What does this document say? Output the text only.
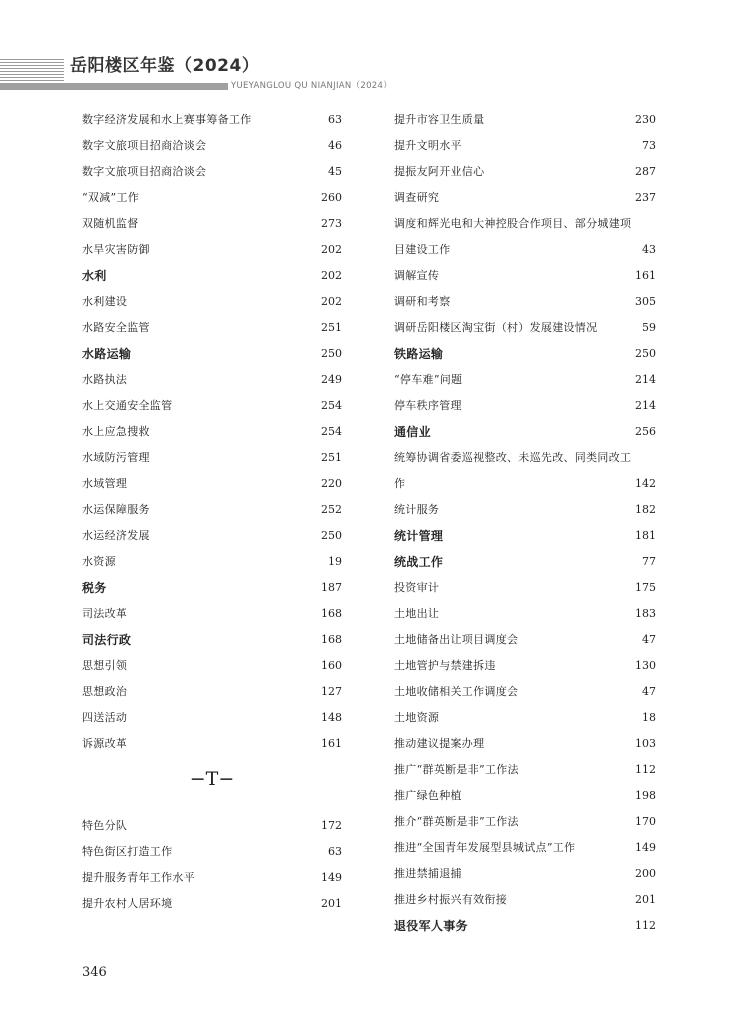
岳阳楼区年鉴（2024）
YUEYANGLOU QU NIANJIAN（2024）
数字经济发展和水上赛事筹备工作	63
数字文旅项目招商洽谈会	46
数字文旅项目招商洽谈会	45
“双减”工作	260
双随机监督	273
水旱灾害防御	202
水利	202
水利建设	202
水路安全监管	251
水路运输	250
水路执法	249
水上交通安全监管	254
水上应急搜救	254
水域防污管理	251
水域管理	220
水运保障服务	252
水运经济发展	250
水资源	19
税务	187
司法改革	168
司法行政	168
思想引领	160
思想政治	127
四送活动	148
诉源改革	161
−T−
特色分队	172
特色街区打造工作	63
提升服务青年工作水平	149
提升农村人居环境	201
提升市容卫生质量	230
提升文明水平	73
提振友阿开业信心	287
调查研究	237
调度和辉光电和大神控股合作项目、部分城建项
目建设工作	43
调解宣传	161
调研和考察	305
调研岳阳楼区淘宝街（村）发展建设情况	59
铁路运输	250
“停车难”问题	214
停车秩序管理	214
通信业	256
统筹协调省委巡视整改、未巡先改、同类同改工
作	142
统计服务	182
统计管理	181
统战工作	77
投资审计	175
土地出让	183
土地储备出让项目调度会	47
土地管护与禁建拆违	130
土地收储相关工作调度会	47
土地资源	18
推动建议提案办理	103
推广“群英断是非”工作法	112
推广绿色种植	198
推介“群英断是非”工作法	170
推进“全国青年发展型县城试点”工作	149
推进禁捕退捕	200
推进乡村振兴有效衔接	201
退役军人事务	112
346
